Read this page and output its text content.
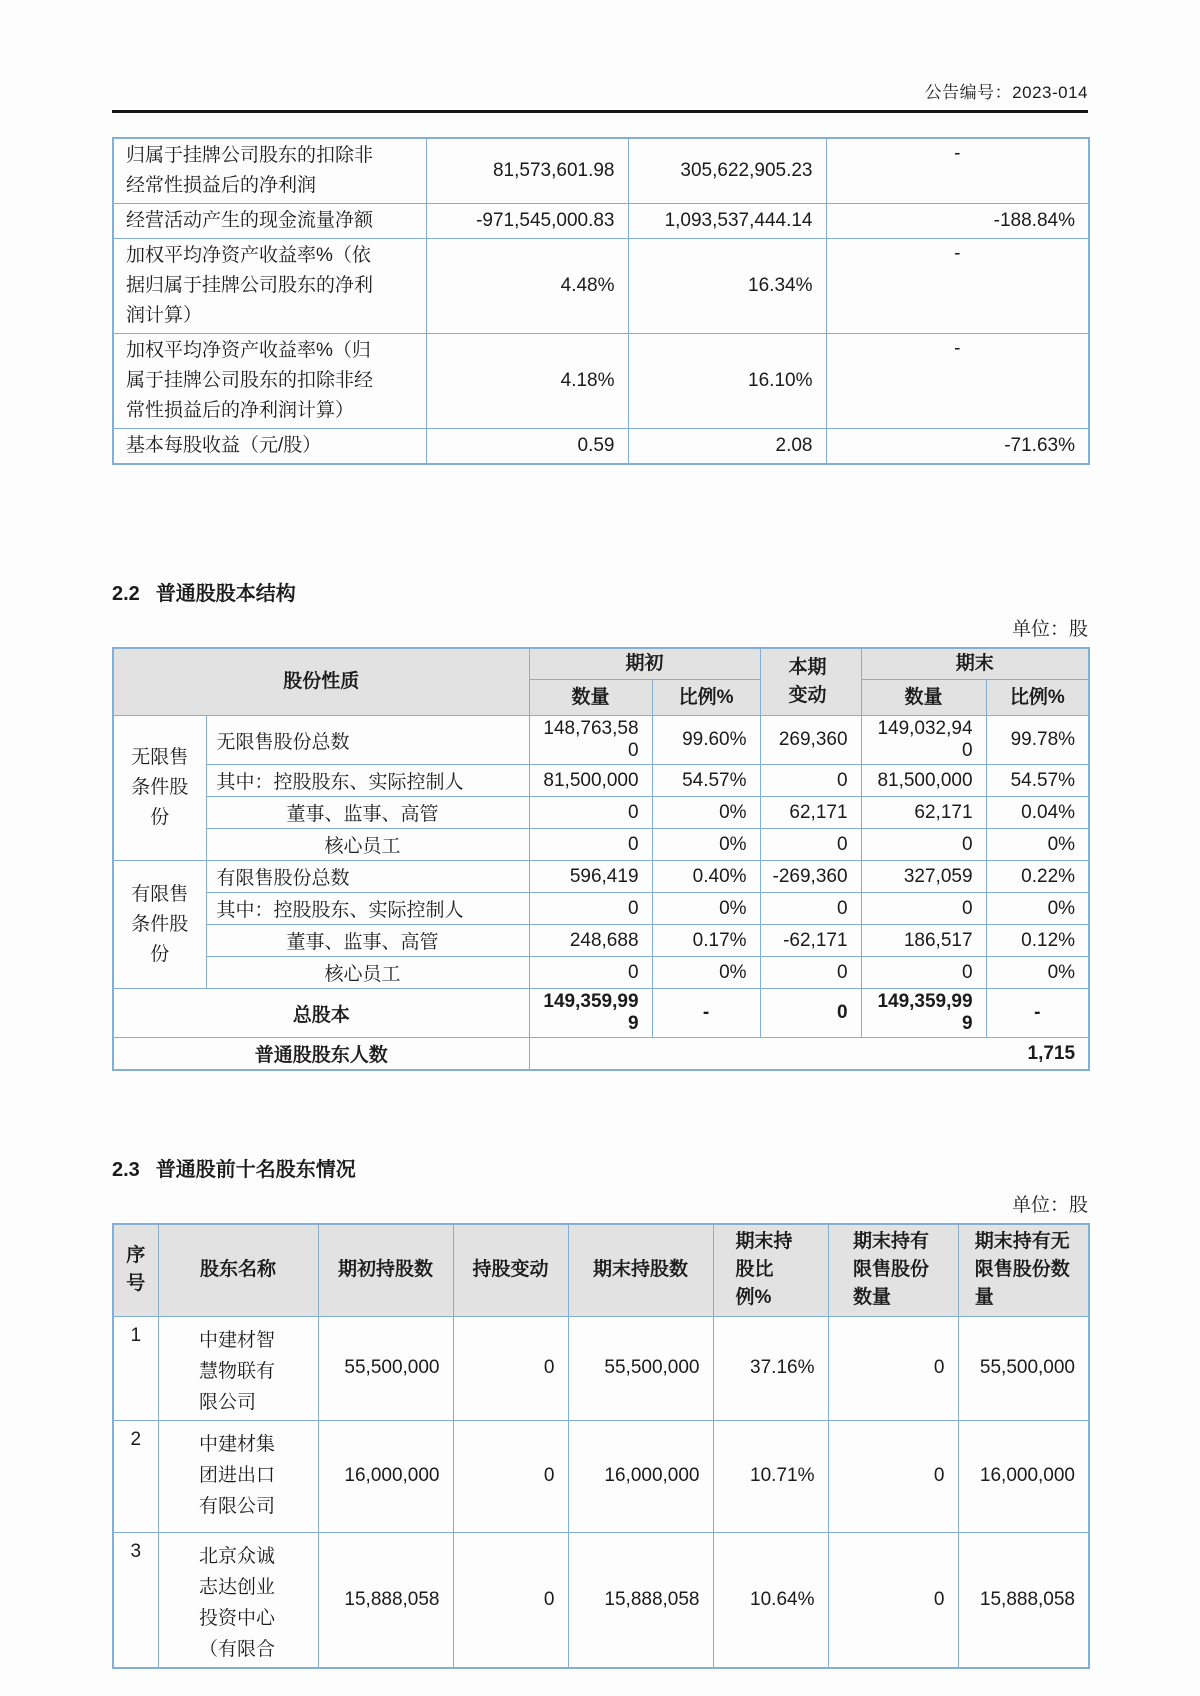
公告编号：2023-014
归属于挂牌公司股东的扣除非经常性损益后的净利润	81,573,601.98	305,622,905.23	-
经营活动产生的现金流量净额	-971,545,000.83	1,093,537,444.14	-188.84%
加权平均净资产收益率%（依据归属于挂牌公司股东的净利润计算）	4.48%	16.34%	-
加权平均净资产收益率%（归属于挂牌公司股东的扣除非经常性损益后的净利润计算）	4.18%	16.10%	-
基本每股收益（元/股）	0.59	2.08	-71.63%
2.2 普通股股本结构
单位：股
股份性质		期初		本期变动	期末	
		数量	比例%		数量	比例%
无限售条件股份	无限售股份总数	148,763,580	99.60%	269,360	149,032,940	99.78%
	其中：控股股东、实际控制人	81,500,000	54.57%	0	81,500,000	54.57%
	董事、监事、高管	0	0%	62,171	62,171	0.04%
	核心员工	0	0%	0	0	0%
有限售条件股份	有限售股份总数	596,419	0.40%	-269,360	327,059	0.22%
	其中：控股股东、实际控制人	0	0%	0	0	0%
	董事、监事、高管	248,688	0.17%	-62,171	186,517	0.12%
	核心员工	0	0%	0	0	0%
总股本		149,359,999	-	0	149,359,999	-
普通股股东人数		1,715				
2.3 普通股前十名股东情况
单位：股
序号	股东名称	期初持股数	持股变动	期末持股数	期末持股比例%	期末持有限售股份数量	期末持有无限售股份数量

1	中建材智慧物联有限公司	55,500,000	0	55,500,000	37.16%	0	55,500,000
2	中建材集团进出口有限公司	16,000,000	0	16,000,000	10.71%	0	16,000,000
3	北京众诚志达创业投资中心（有限合	15,888,058	0	15,888,058	10.64%	0	15,888,058
